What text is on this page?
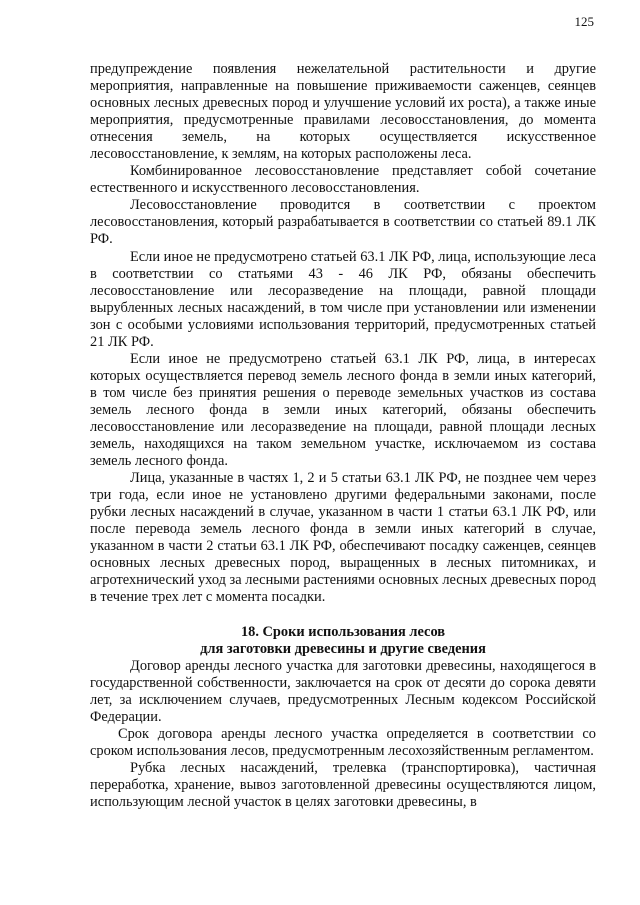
125

предупреждение появления нежелательной растительности и другие мероприятия, направленные на повышение приживаемости саженцев, сеянцев основных лесных древесных пород и улучшение условий их роста), а также иные мероприятия, предусмотренные правилами лесовосстановления, до момента отнесения земель, на которых осуществляется искусственное лесовосстановление, к землям, на которых расположены леса.

Комбинированное лесовосстановление представляет собой сочетание естественного и искусственного лесовосстановления.

Лесовосстановление проводится в соответствии с проектом лесовосстановления, который разрабатывается в соответствии со статьей 89.1 ЛК РФ.

Если иное не предусмотрено статьей 63.1 ЛК РФ, лица, использующие леса в соответствии со статьями 43 - 46 ЛК РФ, обязаны обеспечить лесовосстановление или лесоразведение на площади, равной площади вырубленных лесных насаждений, в том числе при установлении или изменении зон с особыми условиями использования территорий, предусмотренных статьей 21 ЛК РФ.

Если иное не предусмотрено статьей 63.1 ЛК РФ, лица, в интересах которых осуществляется перевод земель лесного фонда в земли иных категорий, в том числе без принятия решения о переводе земельных участков из состава земель лесного фонда в земли иных категорий, обязаны обеспечить лесовосстановление или лесоразведение на площади, равной площади лесных земель, находящихся на таком земельном участке, исключаемом из состава земель лесного фонда.

Лица, указанные в частях 1, 2 и 5 статьи 63.1 ЛК РФ, не позднее чем через три года, если иное не установлено другими федеральными законами, после рубки лесных насаждений в случае, указанном в части 1 статьи 63.1 ЛК РФ, или после перевода земель лесного фонда в земли иных категорий в случае, указанном в части 2 статьи 63.1 ЛК РФ, обеспечивают посадку саженцев, сеянцев основных лесных древесных пород, выращенных в лесных питомниках, и агротехнический уход за лесными растениями основных лесных древесных пород в течение трех лет с момента посадки.

18. Сроки использования лесов
для заготовки древесины и другие сведения

Договор аренды лесного участка для заготовки древесины, находящегося в государственной собственности, заключается на срок от десяти до сорока девяти лет, за исключением случаев, предусмотренных Лесным кодексом Российской Федерации.

Срок договора аренды лесного участка определяется в соответствии со сроком использования лесов, предусмотренным лесохозяйственным регламентом.

Рубка лесных насаждений, трелевка (транспортировка), частичная переработка, хранение, вывоз заготовленной древесины осуществляются лицом, использующим лесной участок в целях заготовки древесины, в
